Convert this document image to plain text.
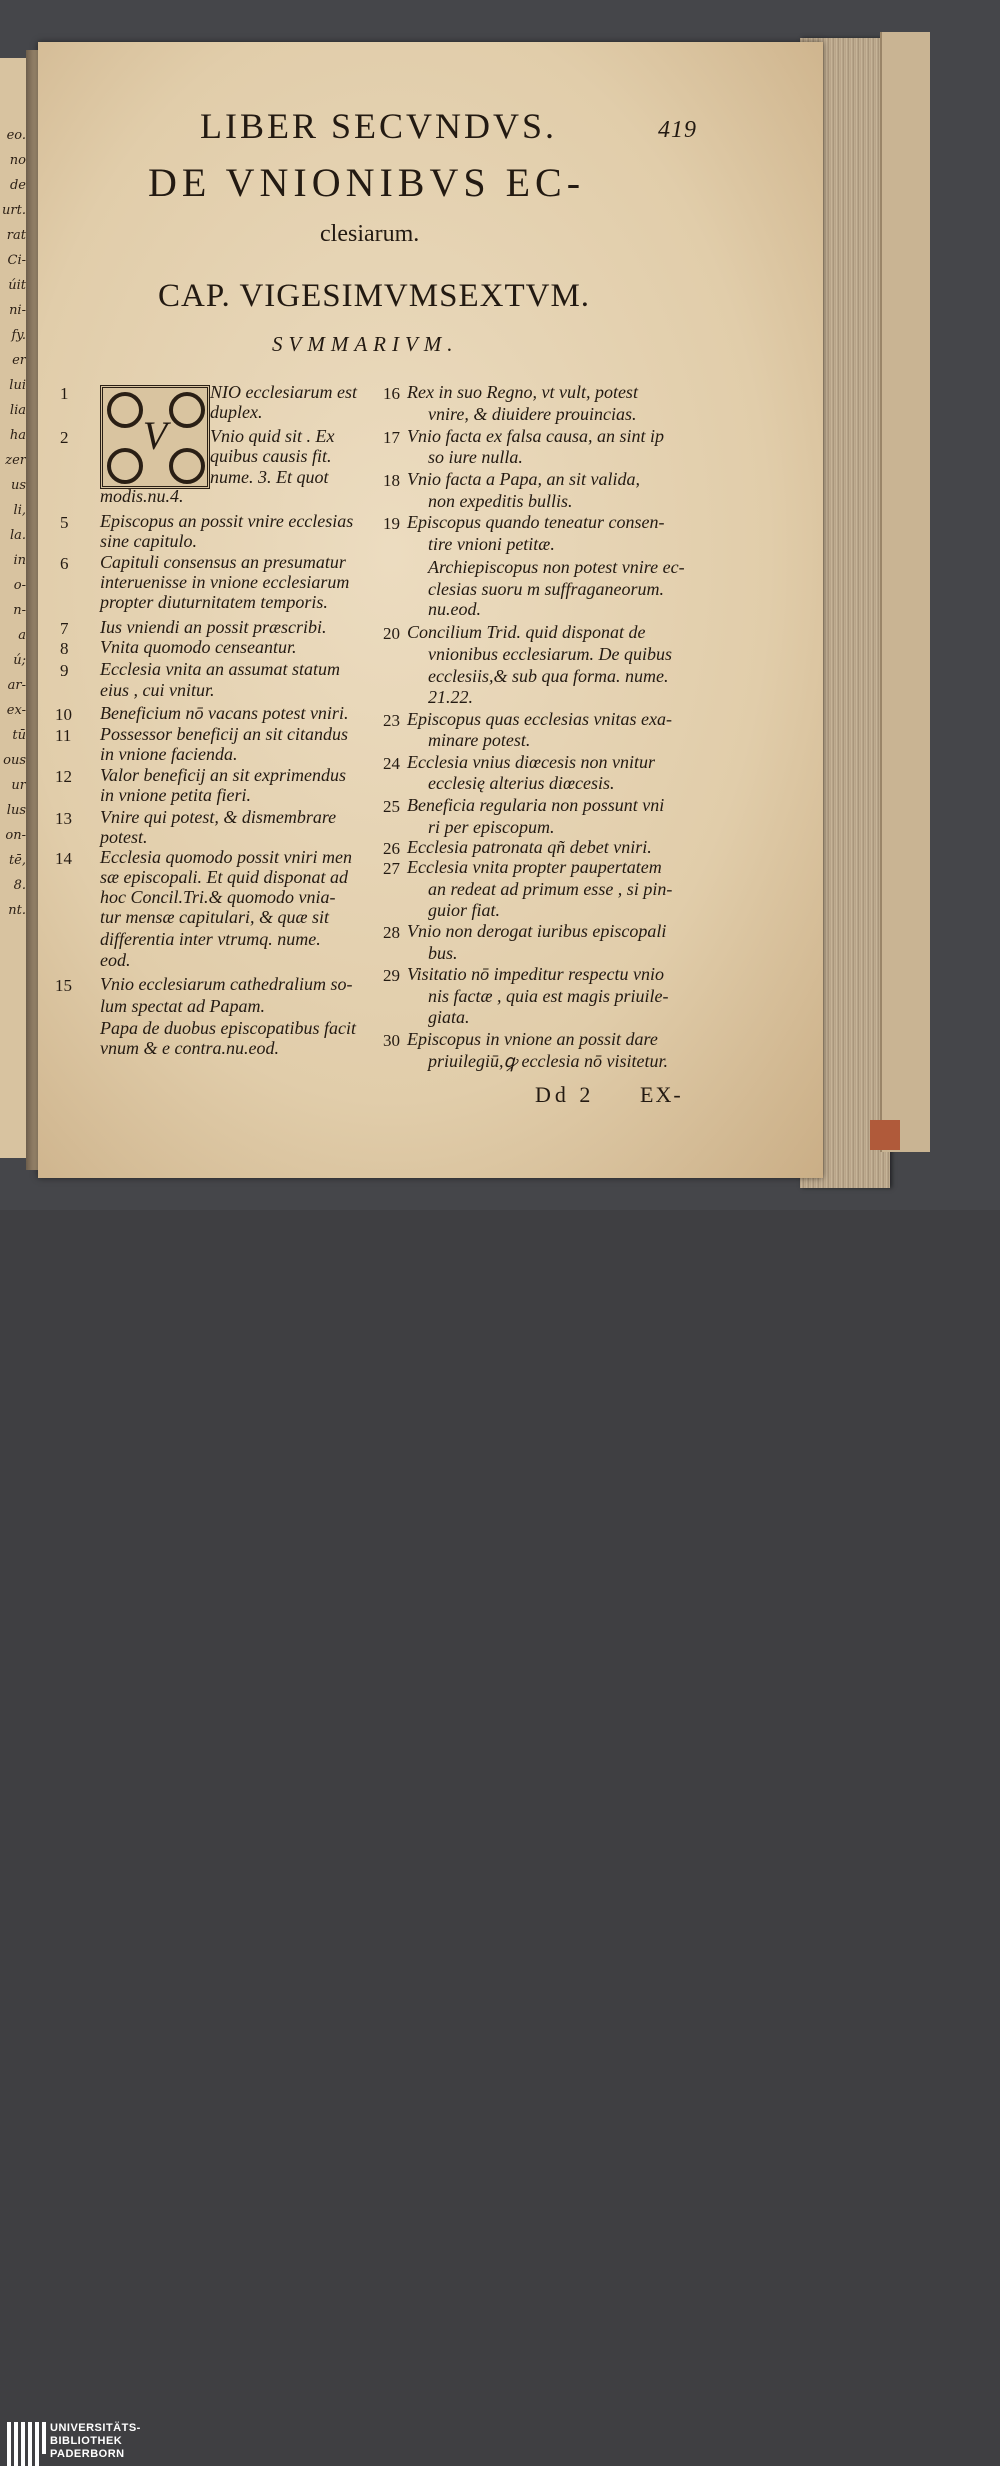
eo.
no
de
urt.
rat
Ci-
úit
ni-
fy.
er
lui
lia
ha
zer
us
li,
la.
in
o-
n-
a
ú;
ar-
ex-
tū
ous
ur
lus
on-
tē,
8.
nt.
LIBER SECVNDVS.	419
DE VNIONIBVS EC-
clesiarum.
CAP. VIGESIMVMSEXTVM.
SVMMARIVM.
V
1	NIO ecclesiarum est
duplex.
2	Vnio quid sit . Ex
quibus causis fit.
nume. 3. Et quot
modis.nu.4.
5 Episcopus an possit vnire ecclesias
sine capitulo.
6 Capituli consensus an presumatur
interuenisse in vnione ecclesiarum
propter diuturnitatem temporis.
7 Ius vniendi an possit præscribi.
8 Vnita quomodo censeantur.
9 Ecclesia vnita an assumat statum
eius , cui vnitur.
10 Beneficium nō vacans potest vniri.
11 Possessor beneficij an sit citandus
in vnione facienda.
12 Valor beneficij an sit exprimendus
in vnione petita fieri.
13 Vnire qui potest, & dismembrare
potest.
14 Ecclesia quomodo possit vniri men
sæ episcopali. Et quid disponat ad
hoc Concil.Tri.& quomodo vnia-
tur mensæ capitulari, & quæ sit
differentia inter vtrumq. nume.
eod.
15 Vnio ecclesiarum cathedralium so-
lum spectat ad Papam.
Papa de duobus episcopatibus facit
vnum & e contra.nu.eod.
16 Rex in suo Regno, vt vult, potest
vnire, & diuidere prouincias.
17 Vnio facta ex falsa causa, an sint ip
so iure nulla.
18 Vnio facta a Papa, an sit valida,
non expeditis bullis.
19 Episcopus quando teneatur consen-
tire vnioni petitæ.
Archiepiscopus non potest vnire ec-
clesias suoru m suffraganeorum.
nu.eod.
20 Concilium Trid. quid disponat de
vnionibus ecclesiarum. De quibus
ecclesiis,& sub qua forma. nume.
21.22.
23 Episcopus quas ecclesias vnitas exa-
minare potest.
24 Ecclesia vnius diœcesis non vnitur
ecclesię alterius diœcesis.
25 Beneficia regularia non possunt vni
ri per episcopum.
26 Ecclesia patronata qñ debet vniri.
27 Ecclesia vnita propter paupertatem
an redeat ad primum esse , si pin-
guior fiat.
28 Vnio non derogat iuribus episcopali
bus.
29 Visitatio nō impeditur respectu vnio
nis factæ , quia est magis priuile-
giata.
30 Episcopus in vnione an possit dare
priuilegiū,ꝙ ecclesia nō visitetur.
Dd 2 EX-
UNIVERSITÄTS-
BIBLIOTHEK
PADERBORN
